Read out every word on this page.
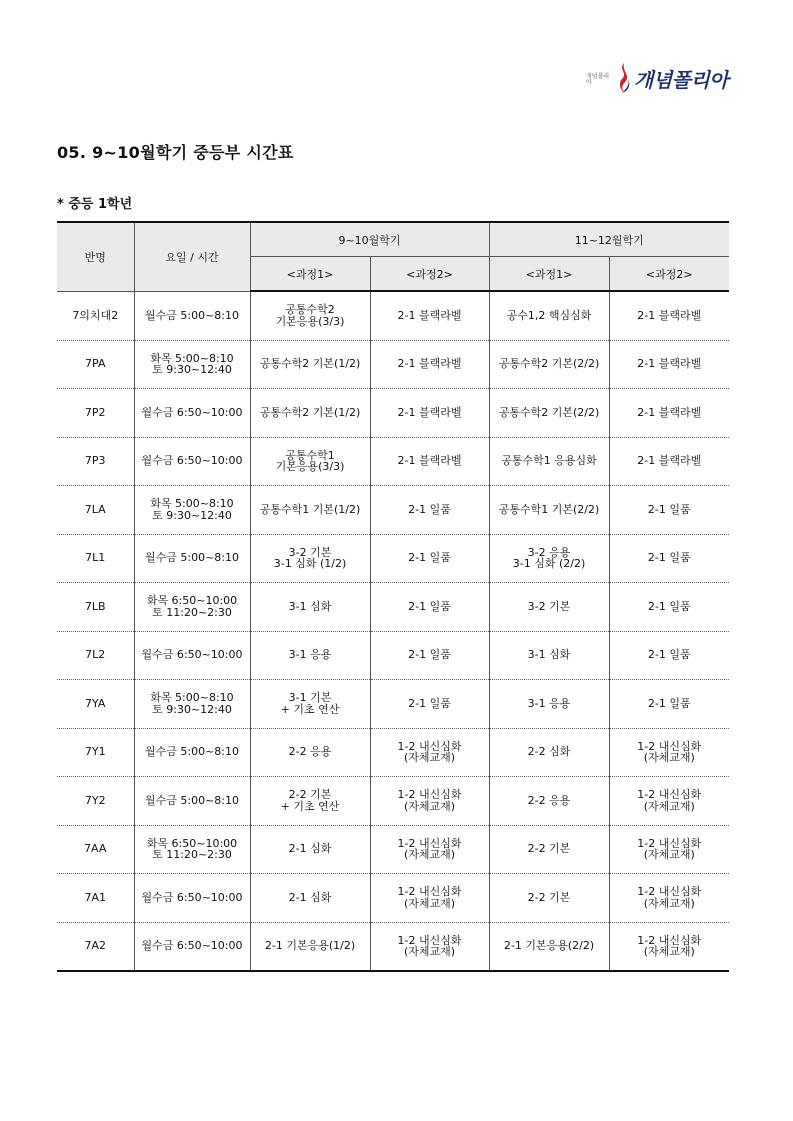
개념폴리아	개념폴리아
05. 9~10월학기 중등부 시간표
* 중등 1학년
반명	요일 / 시간	9~10월학기		11~12월학기	
		<과정1>	<과정2>	<과정1>	<과정2>
7의치대2	월수금 5:00~8:10	공통수학2
기본응용(3/3)	2-1 블랙라벨	공수1,2 핵심심화	2-1 블랙라벨

7PA	화목 5:00~8:10
토 9:30~12:40	공통수학2 기본(1/2)	2-1 블랙라벨	공통수학2 기본(2/2)	2-1 블랙라벨

7P2	월수금 6:50~10:00	공통수학2 기본(1/2)	2-1 블랙라벨	공통수학2 기본(2/2)	2-1 블랙라벨

7P3	월수금 6:50~10:00	공통수학1
기본응용(3/3)	2-1 블랙라벨	공통수학1 응용심화	2-1 블랙라벨

7LA	화목 5:00~8:10
토 9:30~12:40	공통수학1 기본(1/2)	2-1 일품	공통수학1 기본(2/2)	2-1 일품

7L1	월수금 5:00~8:10	3-2 기본
3-1 심화 (1/2)	2-1 일품	3-2 응용
3-1 심화 (2/2)	2-1 일품

7LB	화목 6:50~10:00
토 11:20~2:30	3-1 심화	2-1 일품	3-2 기본	2-1 일품

7L2	월수금 6:50~10:00	3-1 응용	2-1 일품	3-1 심화	2-1 일품

7YA	화목 5:00~8:10
토 9:30~12:40	3-1 기본
+ 기초 연산	2-1 일품	3-1 응용	2-1 일품

7Y1	월수금 5:00~8:10	2-2 응용	1-2 내신심화
(자체교재)	2-2 심화	1-2 내신심화
(자체교재)

7Y2	월수금 5:00~8:10	2-2 기본
+ 기초 연산	1-2 내신심화
(자체교재)	2-2 응용	1-2 내신심화
(자체교재)

7AA	화목 6:50~10:00
토 11:20~2:30	2-1 심화	1-2 내신심화
(자체교재)	2-2 기본	1-2 내신심화
(자체교재)

7A1	월수금 6:50~10:00	2-1 심화	1-2 내신심화
(자체교재)	2-2 기본	1-2 내신심화
(자체교재)

7A2	월수금 6:50~10:00	2-1 기본응용(1/2)	1-2 내신심화
(자체교재)	2-1 기본응용(2/2)	1-2 내신심화
(자체교재)
